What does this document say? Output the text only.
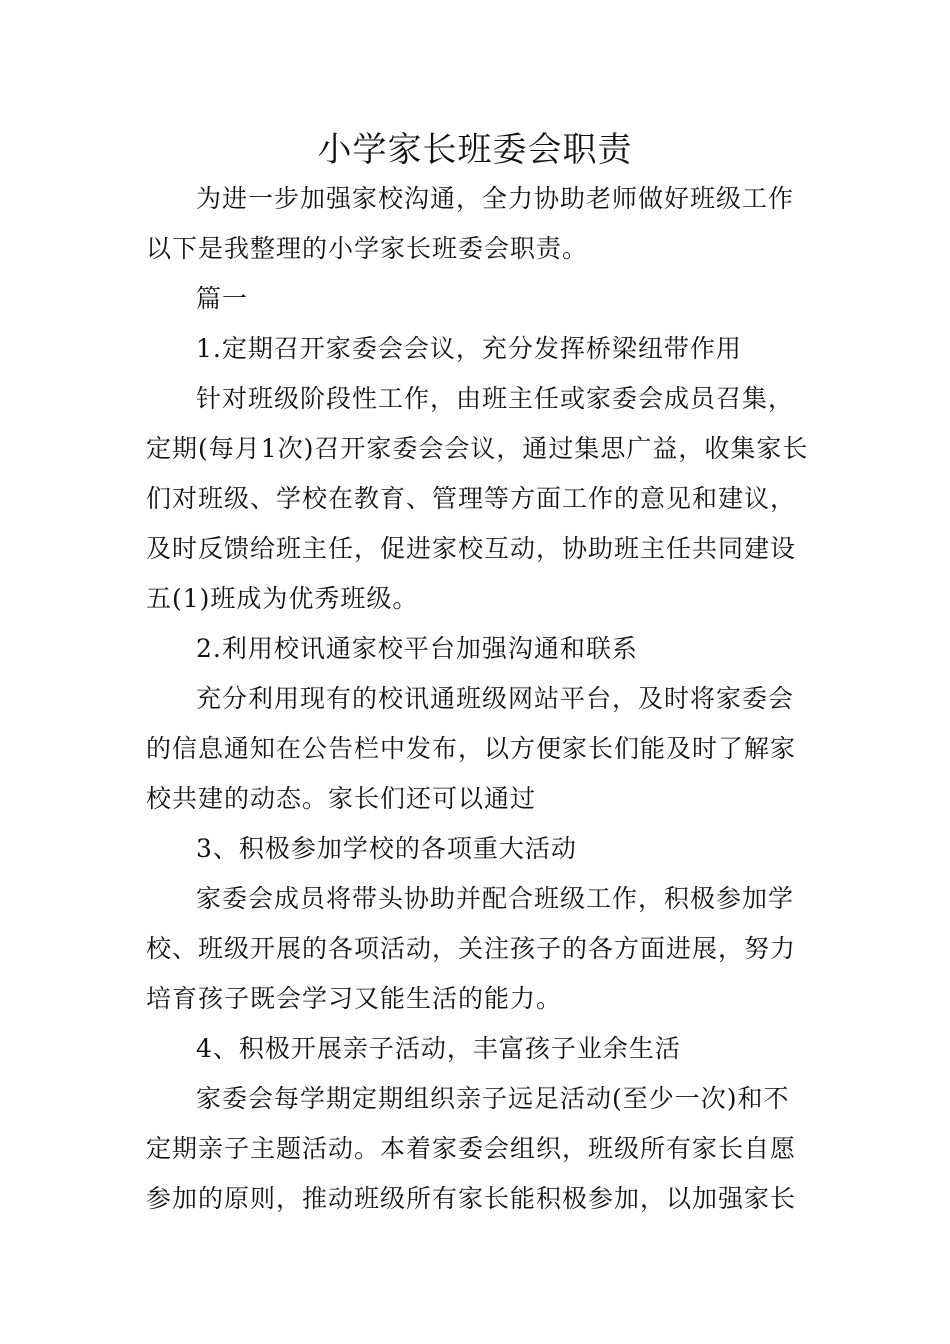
小学家长班委会职责
为进一步加强家校沟通，全力协助老师做好班级工作
以下是我整理的小学家长班委会职责。
篇一
1.定期召开家委会会议，充分发挥桥梁纽带作用
针对班级阶段性工作，由班主任或家委会成员召集，
定期(每月1次)召开家委会会议，通过集思广益，收集家长
们对班级、学校在教育、管理等方面工作的意见和建议，
及时反馈给班主任，促进家校互动，协助班主任共同建设
五(1)班成为优秀班级。
2.利用校讯通家校平台加强沟通和联系
充分利用现有的校讯通班级网站平台，及时将家委会
的信息通知在公告栏中发布，以方便家长们能及时了解家
校共建的动态。家长们还可以通过
3、积极参加学校的各项重大活动
家委会成员将带头协助并配合班级工作，积极参加学
校、班级开展的各项活动，关注孩子的各方面进展，努力
培育孩子既会学习又能生活的能力。
4、积极开展亲子活动，丰富孩子业余生活
家委会每学期定期组织亲子远足活动(至少一次)和不
定期亲子主题活动。本着家委会组织，班级所有家长自愿
参加的原则，推动班级所有家长能积极参加，以加强家长
